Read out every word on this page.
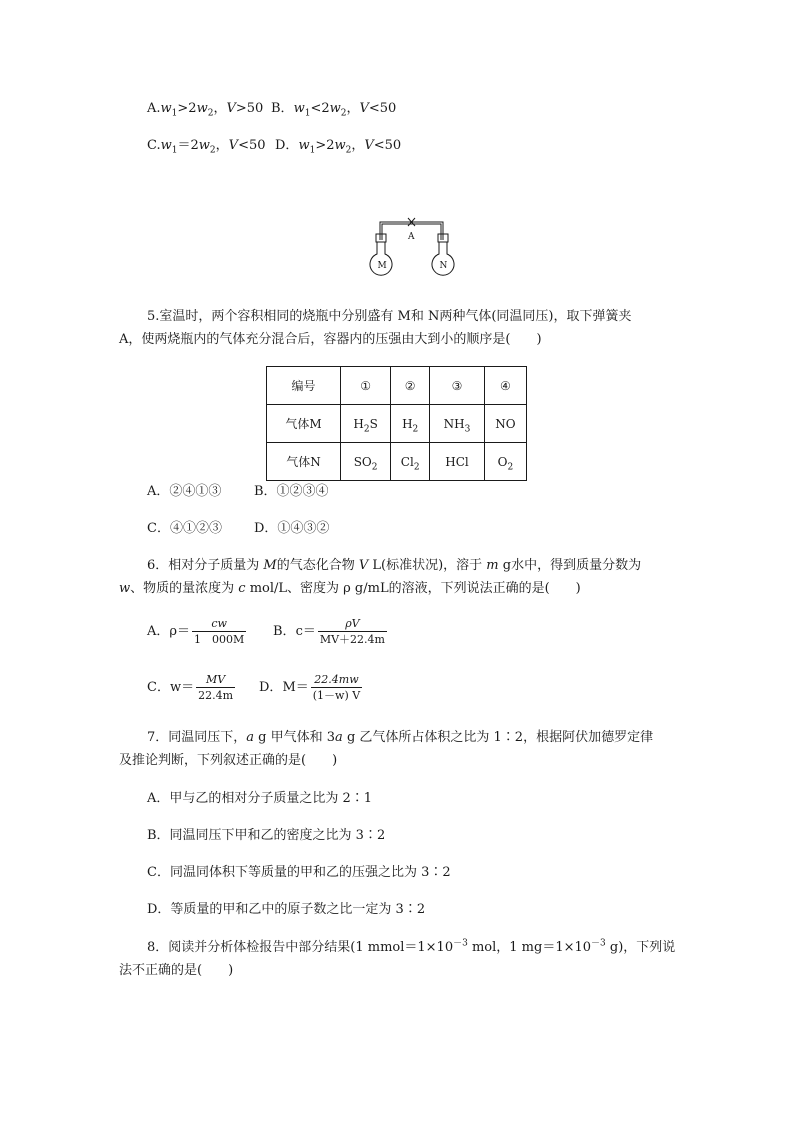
$A.w_1>2w_2$，V>50 B．$w_1<2w_2$，V<50
$C.w_1=2w_2$，V<50 D．$w_1>2w_2$，V<50
A
M	N
5.室温时，两个容积相同的烧瓶中分别盛有 M和 N两种气体(同温同压)，取下弹簧夹
A，使两烧瓶内的气体充分混合后，容器内的压强由大到小的顺序是(　　)
编号	①	②	③	④
气体M	$H_2S$	$H_2$	$NH_3$	NO
气体N	$SO_2$	$Cl_2$	HCl	$O_2$
A．②④①③	B．①②③④
C．④①②③ D．①④③②
6．相对分子质量为 M的气态化合物 V L(标准状况)，溶于 m g水中，得到质量分数为
w、物质的量浓度为 c mol/L、密度为 ρ g/mL的溶液，下列说法正确的是(　　)
A．$\rho= \frac{cw}{1 000M}$ B．$c= \frac{\rho V}{MV+22.4m}$
C．$w= \frac{MV}{22.4m}$ D．$M= \frac{22.4mw}{(1-w) V}$
7．同温同压下，a g 甲气体和 3a g 乙气体所占体积之比为 1∶2，根据阿伏加德罗定律
及推论判断，下列叙述正确的是(　　)
A．甲与乙的相对分子质量之比为 2∶1
B．同温同压下甲和乙的密度之比为 3∶2
C．同温同体积下等质量的甲和乙的压强之比为 3∶2
D．等质量的甲和乙中的原子数之比一定为 3∶2
8．阅读并分析体检报告中部分结果(1 $mmol=1\times 10^{-3}$ mol，1 $mg=1\times 10^{-3}$ g)，下列说
法不正确的是(　　)
